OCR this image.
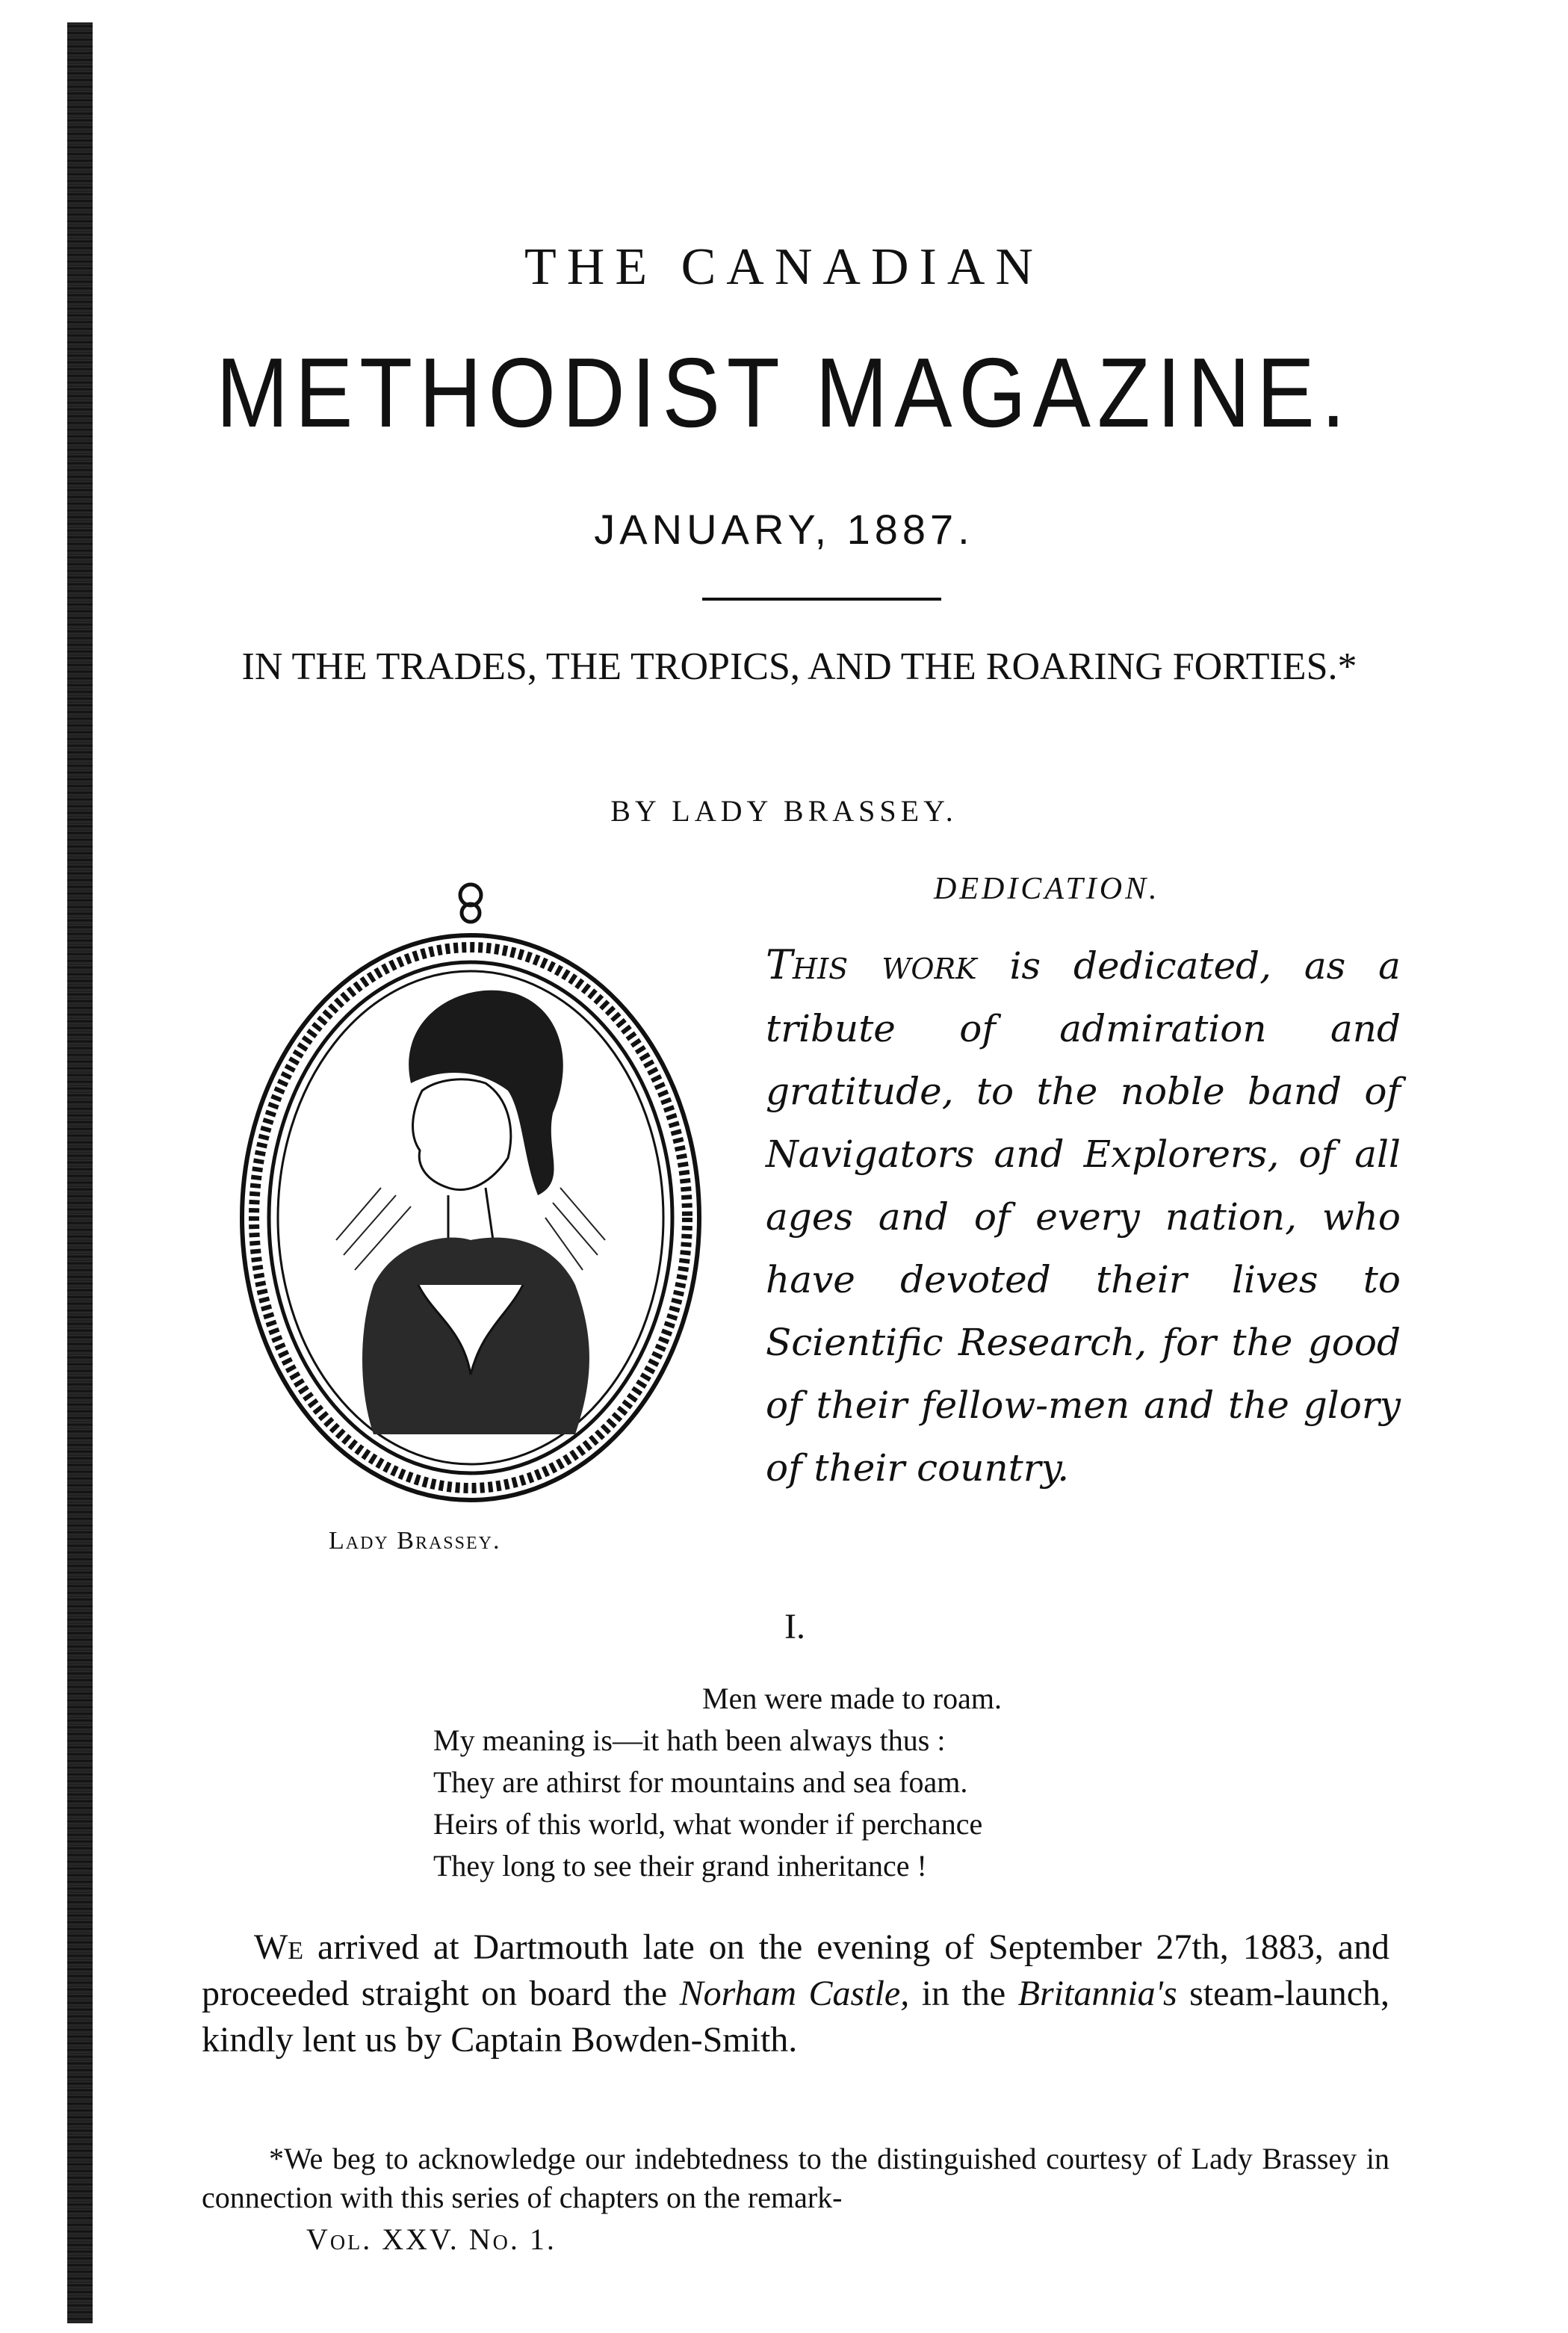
THE CANADIAN
METHODIST MAGAZINE.
JANUARY, 1887.
IN THE TRADES, THE TROPICS, AND THE ROARING FORTIES.*
BY LADY BRASSEY.
Lady Brassey.
DEDICATION.
This work is dedicated, as a tribute of admiration and gratitude, to the noble band of Navigators and Explorers, of all ages and of every nation, who have devoted their lives to Scientific Research, for the good of their fellow-men and the glory of their country.
I.
Men were made to roam.
My meaning is—it hath been always thus :
They are athirst for mountains and sea foam.
Heirs of this world, what wonder if perchance
They long to see their grand inheritance !
We arrived at Dartmouth late on the evening of September 27th, 1883, and proceeded straight on board the Norham Castle, in the Britannia's steam-launch, kindly lent us by Captain Bowden-Smith.
*We beg to acknowledge our indebtedness to the distinguished courtesy of Lady Brassey in connection with this series of chapters on the remark-
Vol. XXV. No. 1.
